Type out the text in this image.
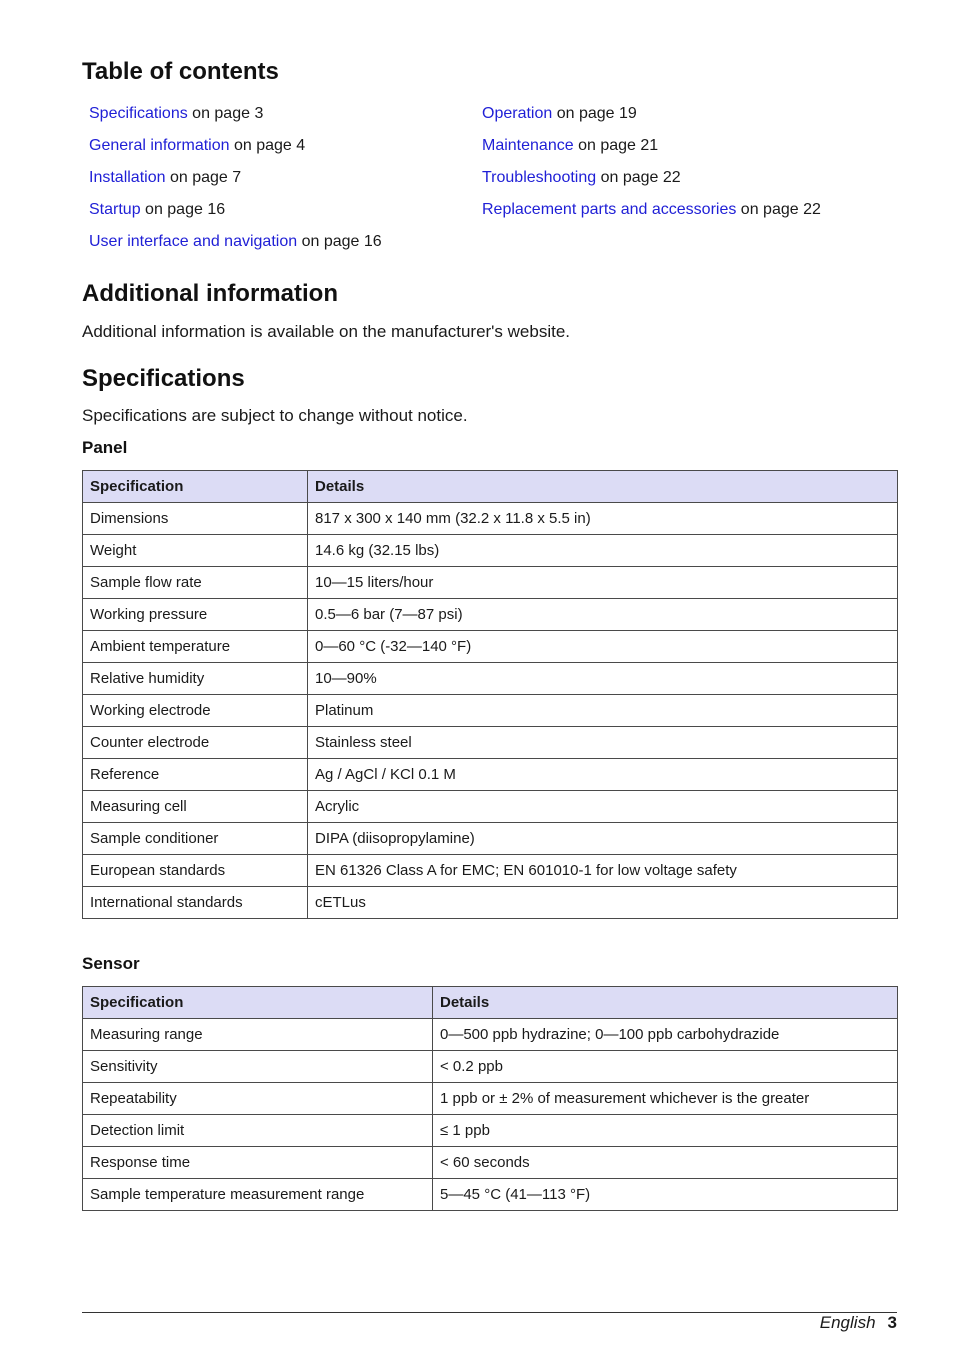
Table of contents
Specifications on page 3
General information on page 4
Installation on page 7
Startup on page 16
User interface and navigation on page 16
Operation on page 19
Maintenance on page 21
Troubleshooting on page 22
Replacement parts and accessories on page 22
Additional information
Additional information is available on the manufacturer's website.
Specifications
Specifications are subject to change without notice.
Panel
Specification	Details
Dimensions	817 x 300 x 140 mm (32.2 x 11.8 x 5.5 in)
Weight	14.6 kg (32.15 lbs)
Sample flow rate	10—15 liters/hour
Working pressure	0.5—6 bar (7—87 psi)
Ambient temperature	0—60 °C (-32—140 °F)
Relative humidity	10—90%
Working electrode	Platinum
Counter electrode	Stainless steel
Reference	Ag / AgCl / KCl 0.1 M
Measuring cell	Acrylic
Sample conditioner	DIPA (diisopropylamine)
European standards	EN 61326 Class A for EMC; EN 601010-1 for low voltage safety
International standards	cETLus
Sensor
Specification	Details
Measuring range	0—500 ppb hydrazine; 0—100 ppb carbohydrazide
Sensitivity	< 0.2 ppb
Repeatability	1 ppb or ± 2% of measurement whichever is the greater
Detection limit	≤ 1 ppb
Response time	< 60 seconds
Sample temperature measurement range	5—45 °C (41—113 °F)
English 3
